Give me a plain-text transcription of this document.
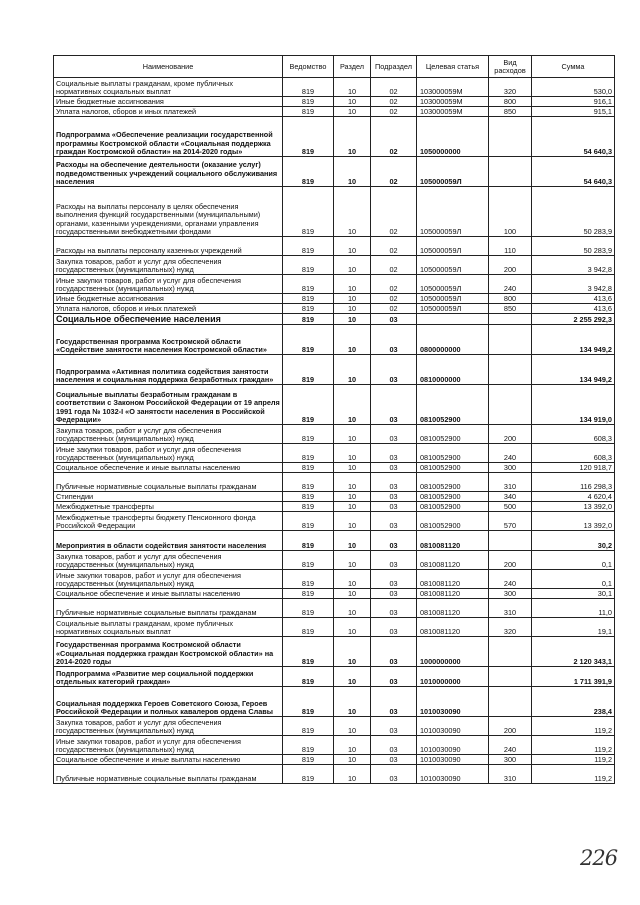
Наименование	Ведомство	Раздел	Подраздел	Целевая статья	Вид расходов	Сумма
Социальные выплаты гражданам, кроме публичных нормативных социальных выплат	819	10	02	103000059М	320	530,0
Иные бюджетные ассигнования	819	10	02	103000059М	800	916,1
Уплата налогов, сборов и иных платежей	819	10	02	103000059М	850	915,1
Подпрограмма «Обеспечение реализации государственной программы Костромской области «Социальная поддержка граждан Костромской области» на 2014-2020 годы»	819	10	02	1050000000		54 640,3
Расходы на обеспечение деятельности (оказание услуг) подведомственных учреждений социального обслуживания населения	819	10	02	105000059Л		54 640,3
Расходы на выплаты персоналу в целях обеспечения выполнения функций государственными (муниципальными) органами, казенными учреждениями, органами управления государственными внебюджетными фондами	819	10	02	105000059Л	100	50 283,9
Расходы на выплаты персоналу казенных учреждений	819	10	02	105000059Л	110	50 283,9
Закупка товаров, работ и услуг для обеспечения государственных (муниципальных) нужд	819	10	02	105000059Л	200	3 942,8
Иные закупки товаров, работ и услуг для обеспечения государственных (муниципальных) нужд	819	10	02	105000059Л	240	3 942,8
Иные бюджетные ассигнования	819	10	02	105000059Л	800	413,6
Уплата налогов, сборов и иных платежей	819	10	02	105000059Л	850	413,6
Социальное обеспечение населения	819	10	03			2 255 292,3
Государственная программа Костромской области «Содействие занятости населения Костромской области»	819	10	03	0800000000		134 949,2
Подпрограмма «Активная политика содействия занятости населения и социальная поддержка безработных граждан»	819	10	03	0810000000		134 949,2
Социальные выплаты безработным гражданам в соответствии с Законом Российской Федерации от 19 апреля 1991 года № 1032-I «О занятости населения в Российской Федерации»	819	10	03	0810052900		134 919,0
Закупка товаров, работ и услуг для обеспечения государственных (муниципальных) нужд	819	10	03	0810052900	200	608,3
Иные закупки товаров, работ и услуг для обеспечения государственных (муниципальных) нужд	819	10	03	0810052900	240	608,3
Социальное обеспечение и иные выплаты населению	819	10	03	0810052900	300	120 918,7
Публичные нормативные социальные выплаты гражданам	819	10	03	0810052900	310	116 298,3
Стипендии	819	10	03	0810052900	340	4 620,4
Межбюджетные трансферты	819	10	03	0810052900	500	13 392,0
Межбюджетные трансферты бюджету Пенсионного фонда Российской Федерации	819	10	03	0810052900	570	13 392,0
Мероприятия в области содействия занятости населения	819	10	03	0810081120		30,2
Закупка товаров, работ и услуг для обеспечения государственных (муниципальных) нужд	819	10	03	0810081120	200	0,1
Иные закупки товаров, работ и услуг для обеспечения государственных (муниципальных) нужд	819	10	03	0810081120	240	0,1
Социальное обеспечение и иные выплаты населению	819	10	03	0810081120	300	30,1
Публичные нормативные социальные выплаты гражданам	819	10	03	0810081120	310	11,0
Социальные выплаты гражданам, кроме публичных нормативных социальных выплат	819	10	03	0810081120	320	19,1
Государственная программа Костромской области «Социальная поддержка граждан Костромской области» на 2014-2020 годы	819	10	03	1000000000		2 120 343,1
Подпрограмма «Развитие мер социальной поддержки отдельных категорий граждан»	819	10	03	1010000000		1 711 391,9
Социальная поддержка Героев Советского Союза, Героев Российской Федерации и полных кавалеров ордена Славы	819	10	03	1010030090		238,4
Закупка товаров, работ и услуг для обеспечения государственных (муниципальных) нужд	819	10	03	1010030090	200	119,2
Иные закупки товаров, работ и услуг для обеспечения государственных (муниципальных) нужд	819	10	03	1010030090	240	119,2
Социальное обеспечение и иные выплаты населению	819	10	03	1010030090	300	119,2
Публичные нормативные социальные выплаты гражданам	819	10	03	1010030090	310	119,2
226
